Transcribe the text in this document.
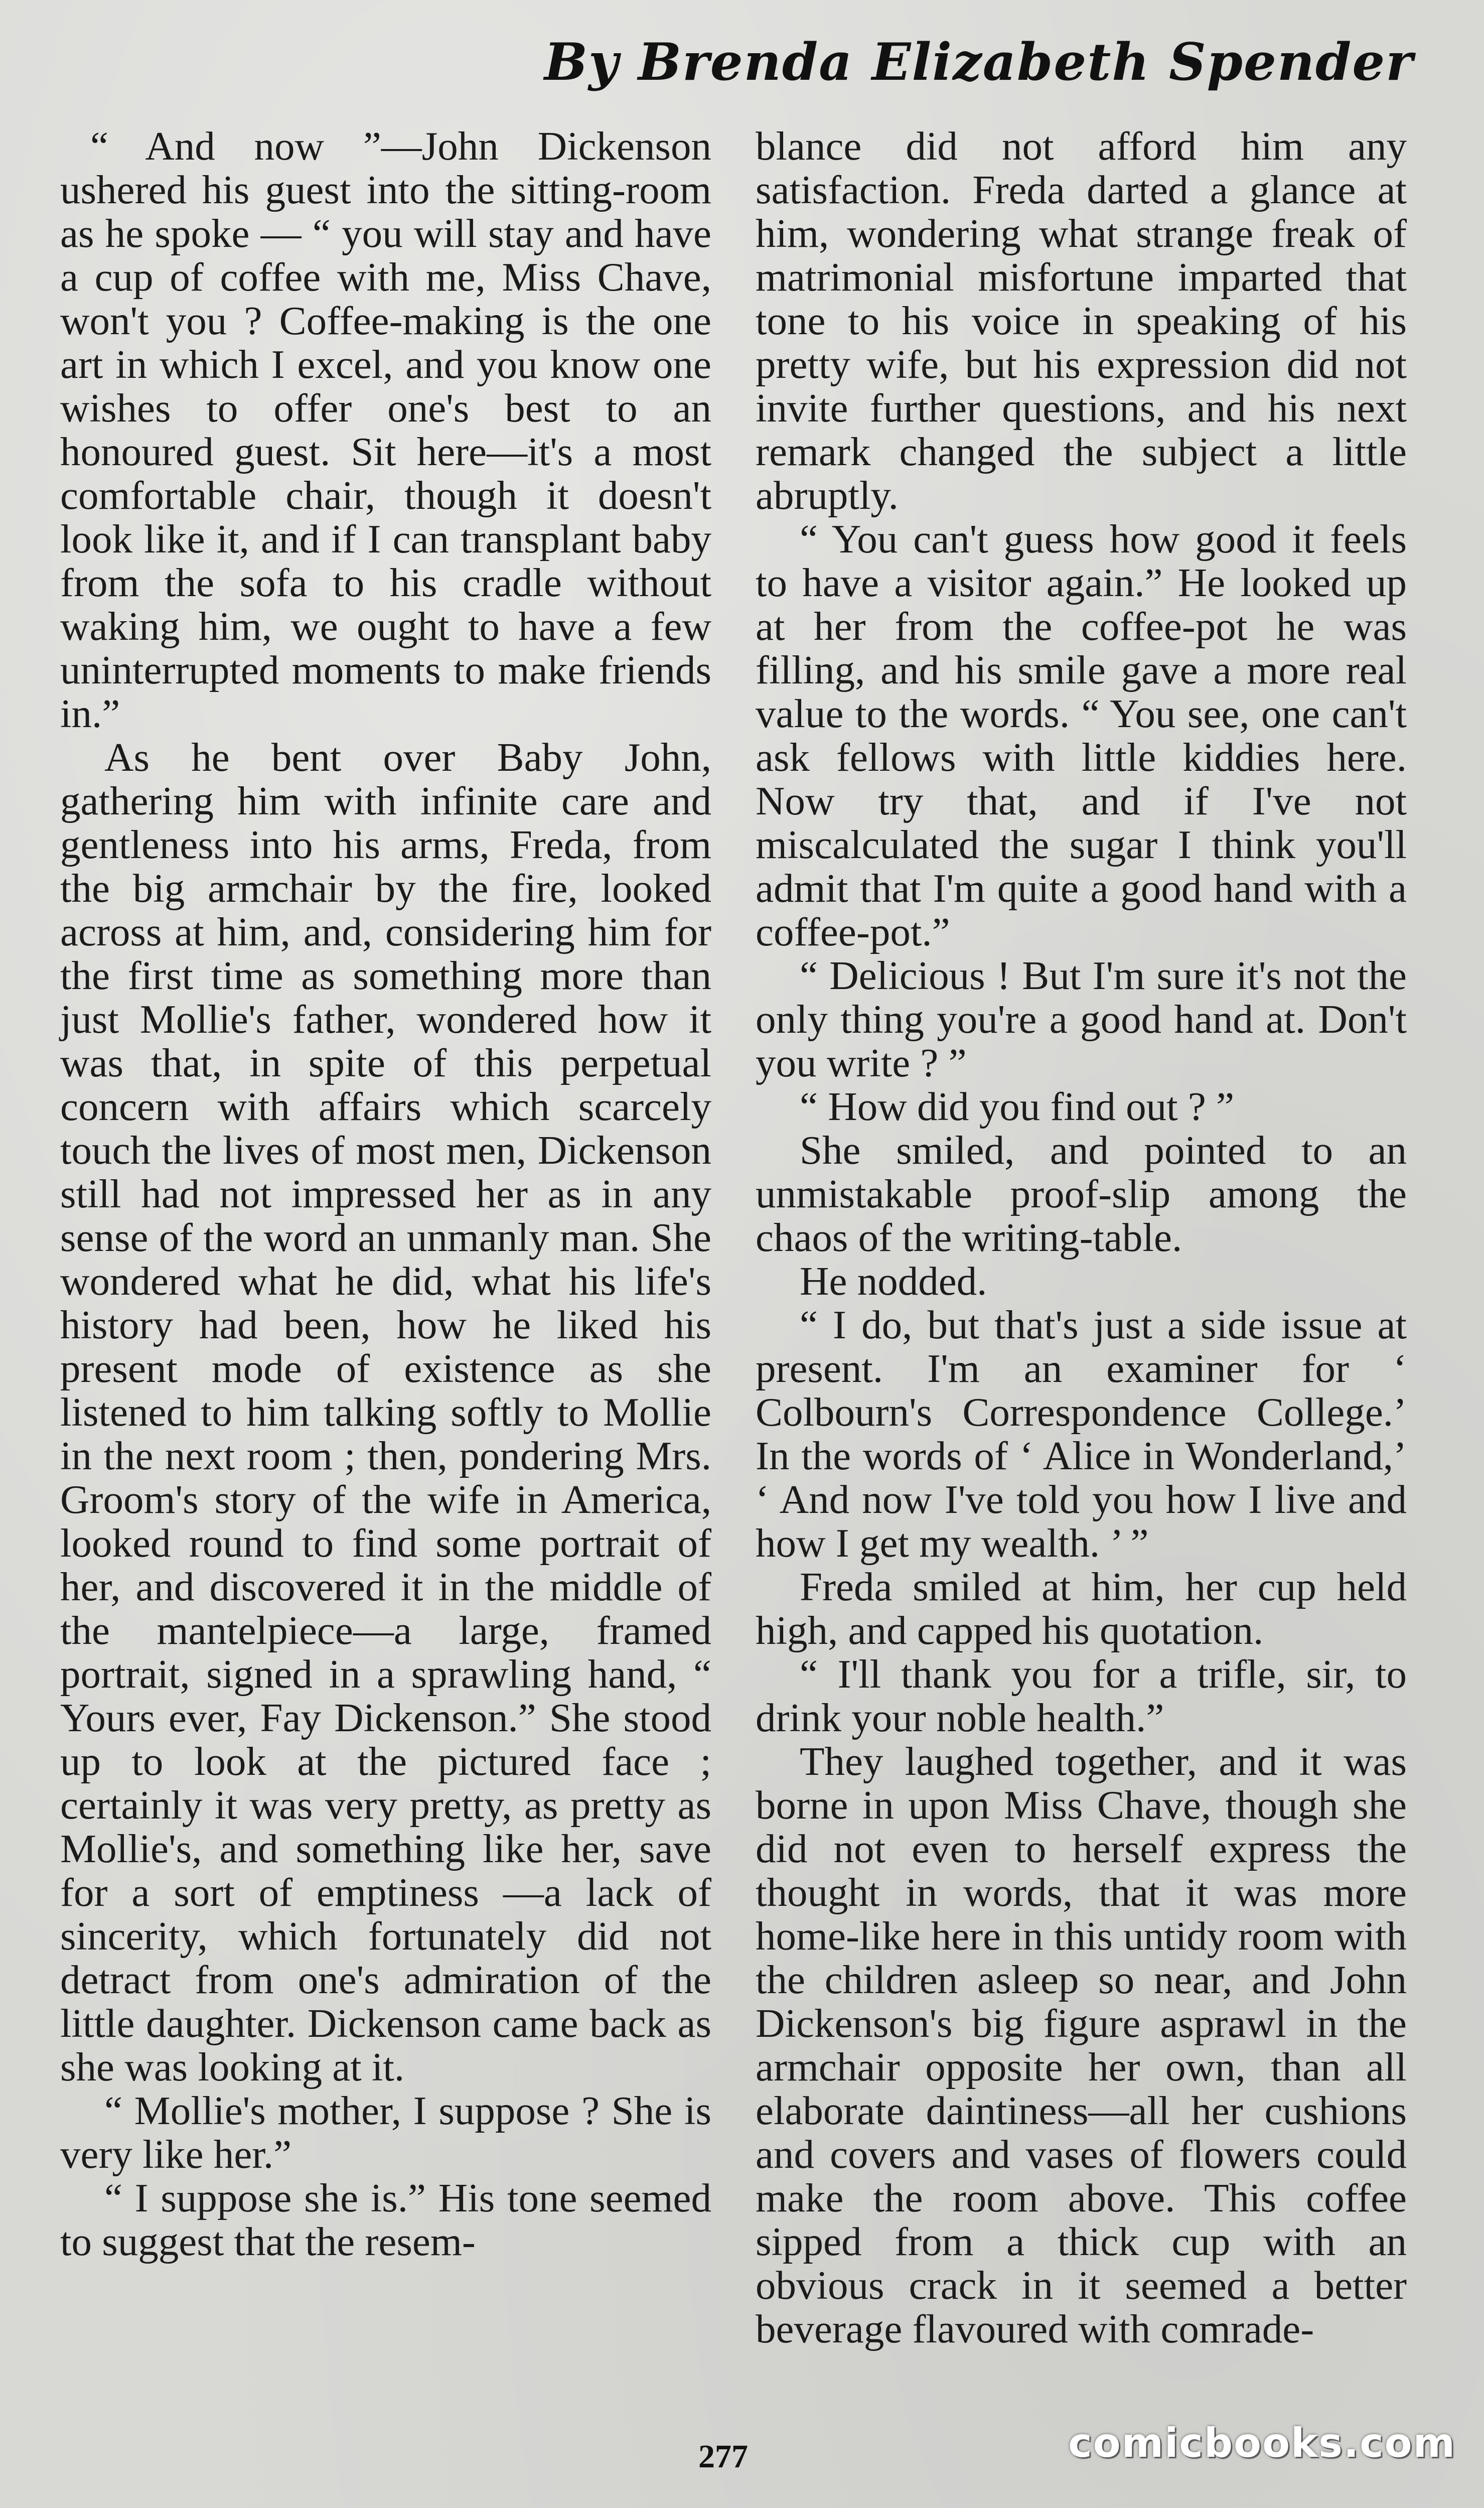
By Brenda Elizabeth Spender

“ And now ”—John Dickenson ushered his guest into the sitting-room as he spoke — “ you will stay and have a cup of coffee with me, Miss Chave, won't you ? Coffee-making is the one art in which I excel, and you know one wishes to offer one's best to an honoured guest. Sit here—it's a most comfortable chair, though it doesn't look like it, and if I can transplant baby from the sofa to his cradle without waking him, we ought to have a few uninterrupted moments to make friends in.”

As he bent over Baby John, gathering him with infinite care and gentleness into his arms, Freda, from the big armchair by the fire, looked across at him, and, considering him for the first time as something more than just Mollie's father, wondered how it was that, in spite of this perpetual concern with affairs which scarcely touch the lives of most men, Dickenson still had not impressed her as in any sense of the word an unmanly man. She wondered what he did, what his life's history had been, how he liked his present mode of existence as she listened to him talking softly to Mollie in the next room ; then, pondering Mrs. Groom's story of the wife in America, looked round to find some portrait of her, and discovered it in the middle of the mantelpiece—a large, framed portrait, signed in a sprawling hand, “ Yours ever, Fay Dickenson.” She stood up to look at the pictured face ; certainly it was very pretty, as pretty as Mollie's, and something like her, save for a sort of emptiness —a lack of sincerity, which fortunately did not detract from one's admiration of the little daughter. Dickenson came back as she was looking at it.

“ Mollie's mother, I suppose ? She is very like her.”

“ I suppose she is.” His tone seemed to suggest that the resem-

blance did not afford him any satisfaction. Freda darted a glance at him, wondering what strange freak of matrimonial misfortune imparted that tone to his voice in speaking of his pretty wife, but his expression did not invite further questions, and his next remark changed the subject a little abruptly.

“ You can't guess how good it feels to have a visitor again.” He looked up at her from the coffee-pot he was filling, and his smile gave a more real value to the words. “ You see, one can't ask fellows with little kiddies here. Now try that, and if I've not miscalculated the sugar I think you'll admit that I'm quite a good hand with a coffee-pot.”

“ Delicious ! But I'm sure it's not the only thing you're a good hand at. Don't you write ? ”

“ How did you find out ? ”

She smiled, and pointed to an unmistakable proof-slip among the chaos of the writing-table.

He nodded.

“ I do, but that's just a side issue at present. I'm an examiner for ‘ Colbourn's Correspondence College.’ In the words of ‘ Alice in Wonderland,’ ‘ And now I've told you how I live and how I get my wealth. ’ ”

Freda smiled at him, her cup held high, and capped his quotation.

“ I'll thank you for a trifle, sir, to drink your noble health.”

They laughed together, and it was borne in upon Miss Chave, though she did not even to herself express the thought in words, that it was more home-like here in this untidy room with the children asleep so near, and John Dickenson's big figure asprawl in the armchair opposite her own, than all elaborate daintiness—all her cushions and covers and vases of flowers could make the room above. This coffee sipped from a thick cup with an obvious crack in it seemed a better beverage flavoured with comrade-

277	comicbooks.com
